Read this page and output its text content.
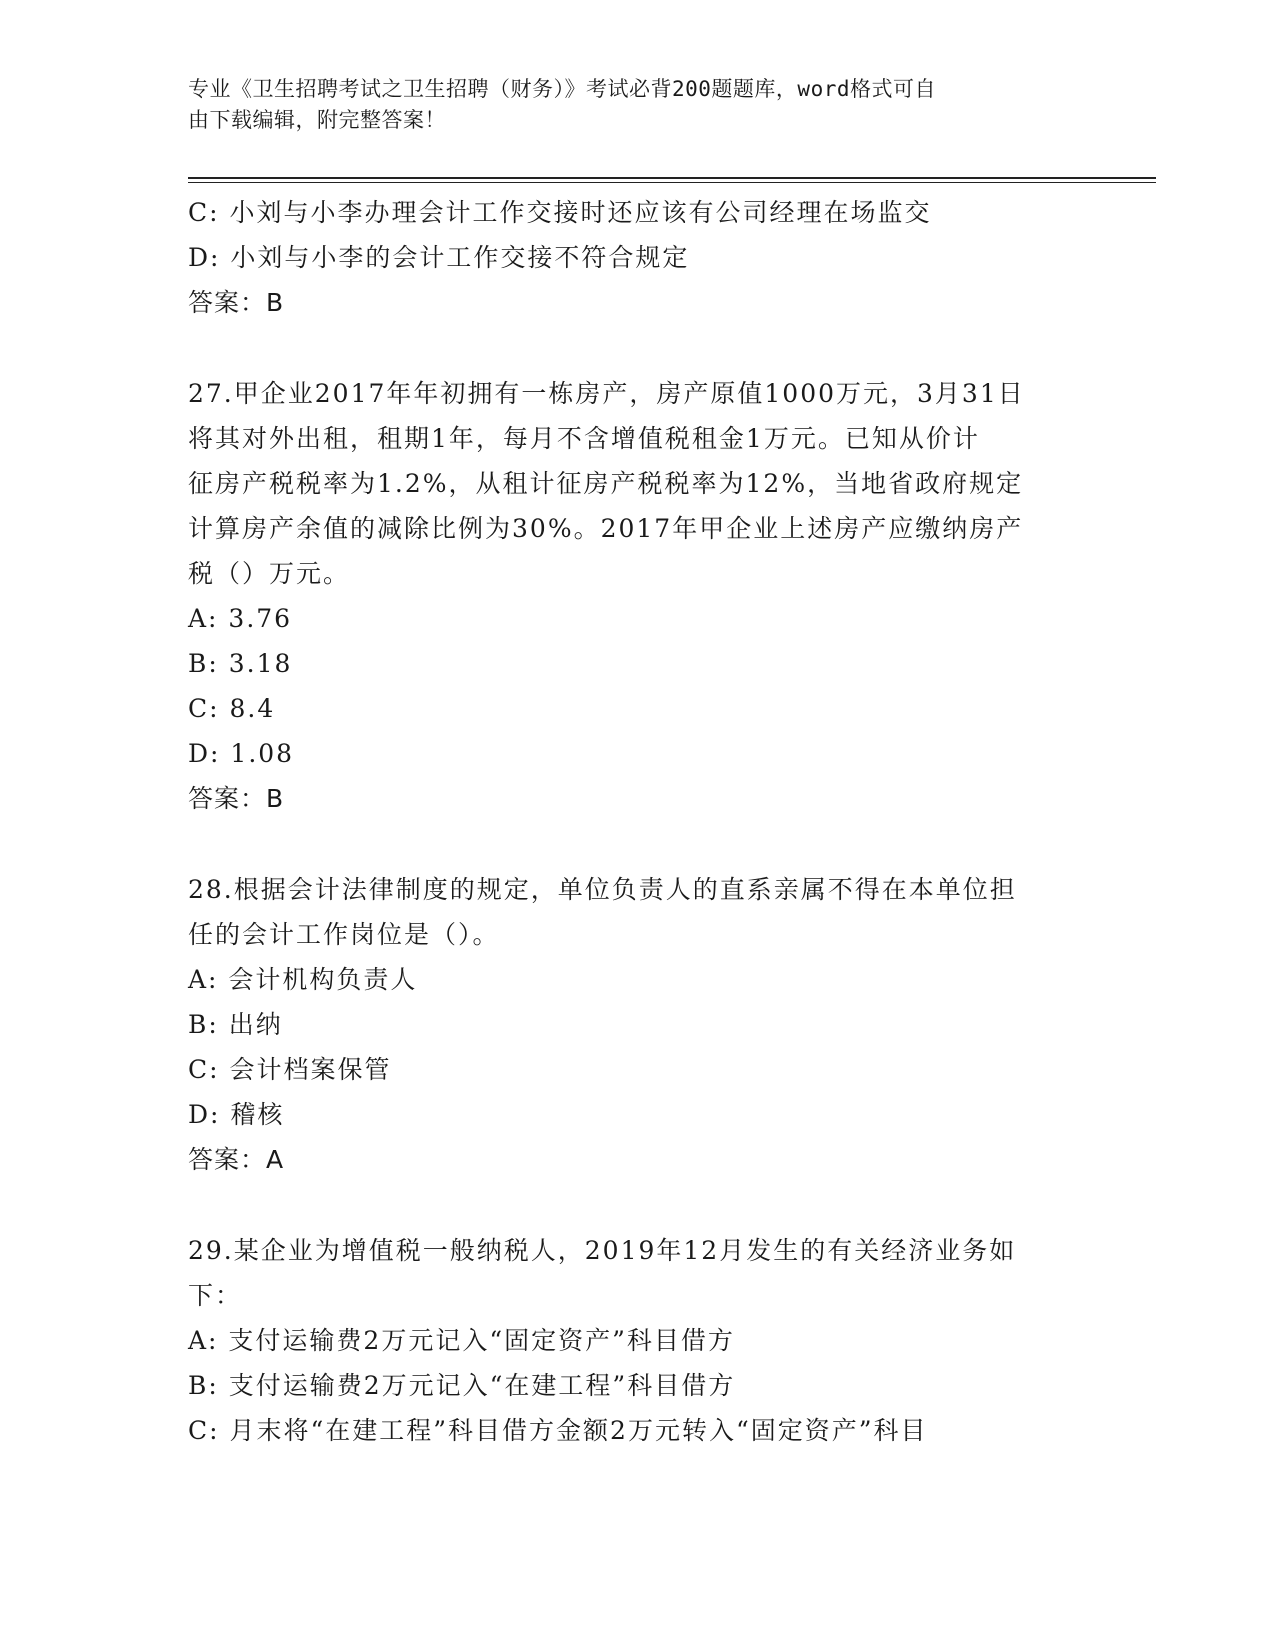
专业《卫生招聘考试之卫生招聘（财务）》考试必背200题题库，word格式可自
由下载编辑，附完整答案！
C: 小刘与小李办理会计工作交接时还应该有公司经理在场监交
D: 小刘与小李的会计工作交接不符合规定
答案：B
27.甲企业2017年年初拥有一栋房产，房产原值1000万元，3月31日
将其对外出租，租期1年，每月不含增值税租金1万元。已知从价计
征房产税税率为1.2%，从租计征房产税税率为12%，当地省政府规定
计算房产余值的减除比例为30%。2017年甲企业上述房产应缴纳房产
税（）万元。
A: 3.76
B: 3.18
C: 8.4
D: 1.08
答案：B
28.根据会计法律制度的规定，单位负责人的直系亲属不得在本单位担
任的会计工作岗位是（）。
A: 会计机构负责人
B: 出纳
C: 会计档案保管
D: 稽核
答案：A
29.某企业为增值税一般纳税人，2019年12月发生的有关经济业务如
下：
A: 支付运输费2万元记入“固定资产”科目借方
B: 支付运输费2万元记入“在建工程”科目借方
C: 月末将“在建工程”科目借方金额2万元转入“固定资产”科目
